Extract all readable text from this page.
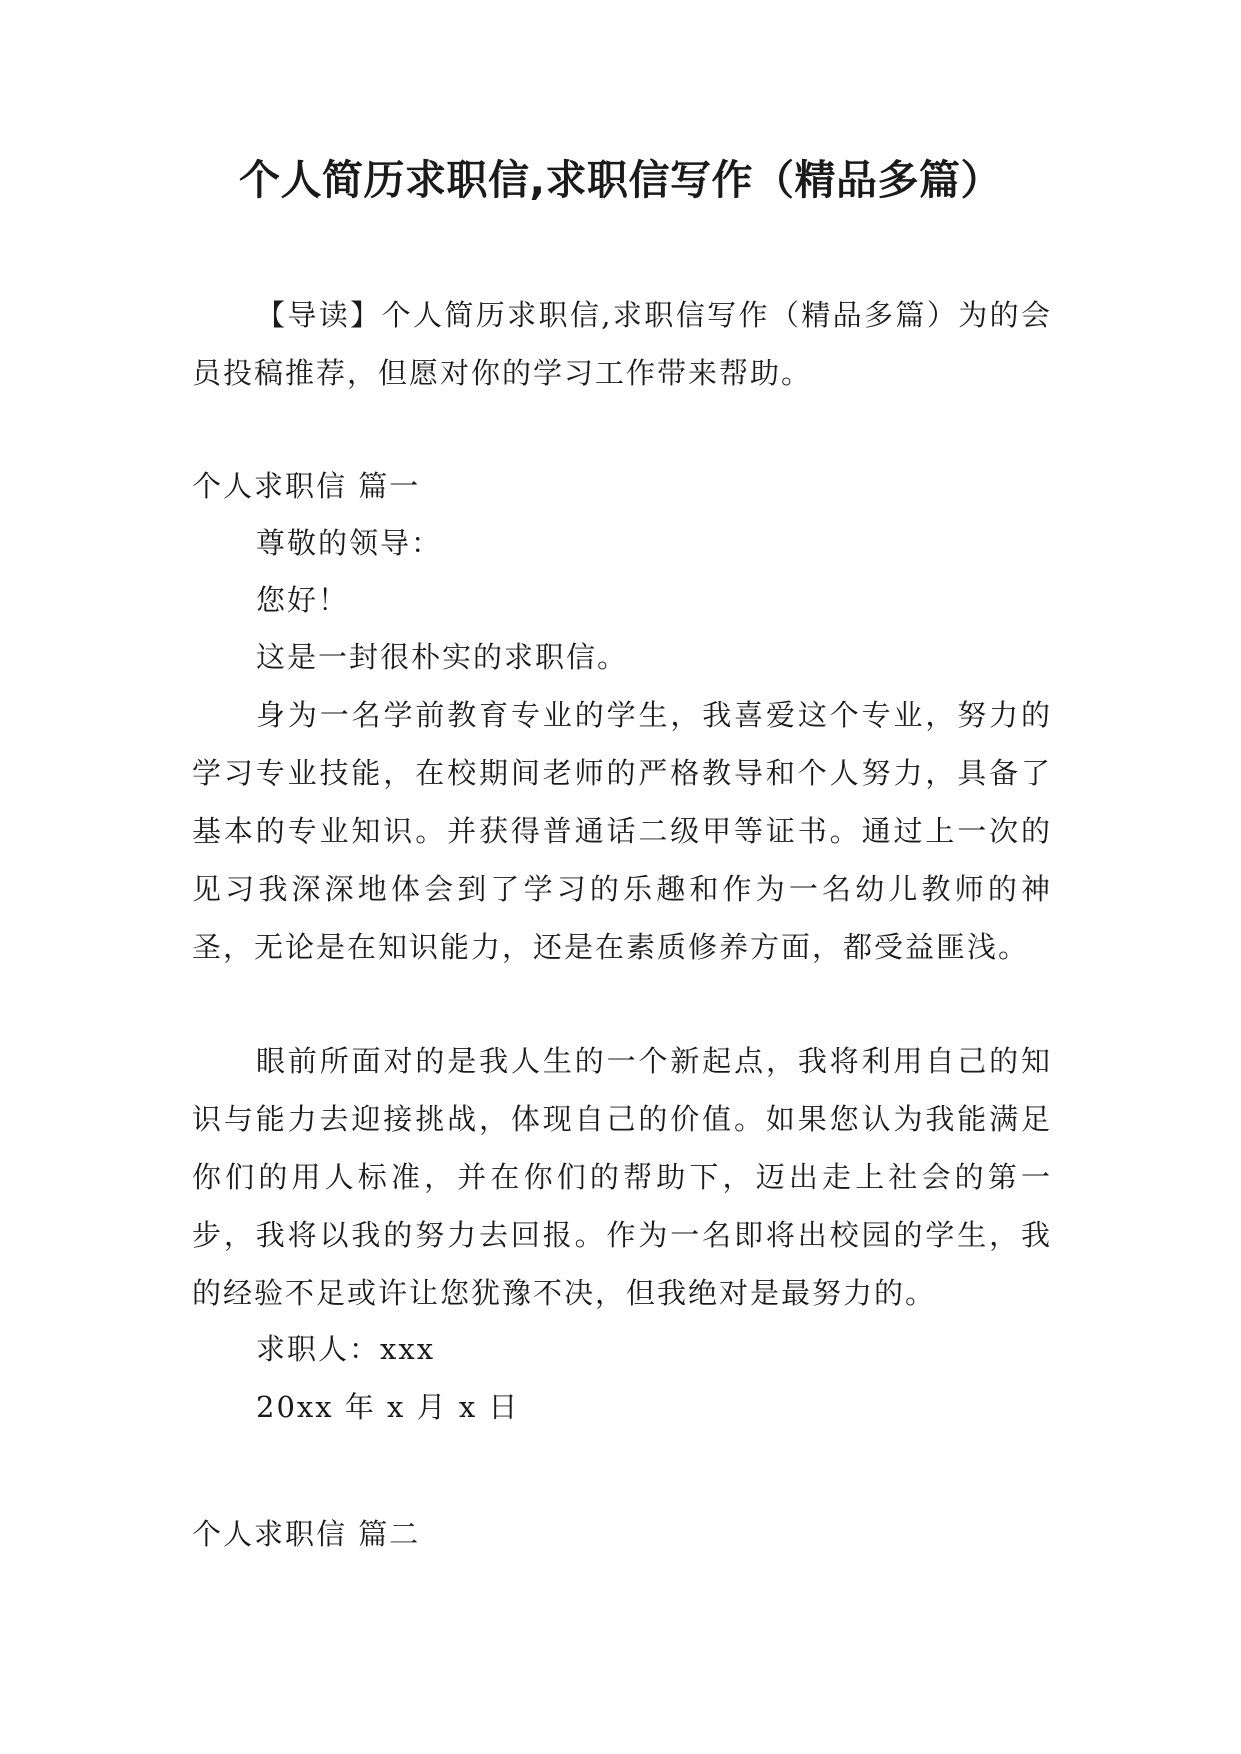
个人简历求职信,求职信写作（精品多篇）

【导读】个人简历求职信,求职信写作（精品多篇）为的会员投稿推荐，但愿对你的学习工作带来帮助。

个人求职信 篇一

尊敬的领导：

您好！

这是一封很朴实的求职信。

身为一名学前教育专业的学生，我喜爱这个专业，努力的学习专业技能，在校期间老师的严格教导和个人努力，具备了基本的专业知识。并获得普通话二级甲等证书。通过上一次的见习我深深地体会到了学习的乐趣和作为一名幼儿教师的神圣，无论是在知识能力，还是在素质修养方面，都受益匪浅。

眼前所面对的是我人生的一个新起点，我将利用自己的知识与能力去迎接挑战，体现自己的价值。如果您认为我能满足你们的用人标准，并在你们的帮助下，迈出走上社会的第一步，我将以我的努力去回报。作为一名即将出校园的学生，我的经验不足或许让您犹豫不决，但我绝对是最努力的。

求职人：xxx

20xx 年 x 月 x 日

个人求职信 篇二
